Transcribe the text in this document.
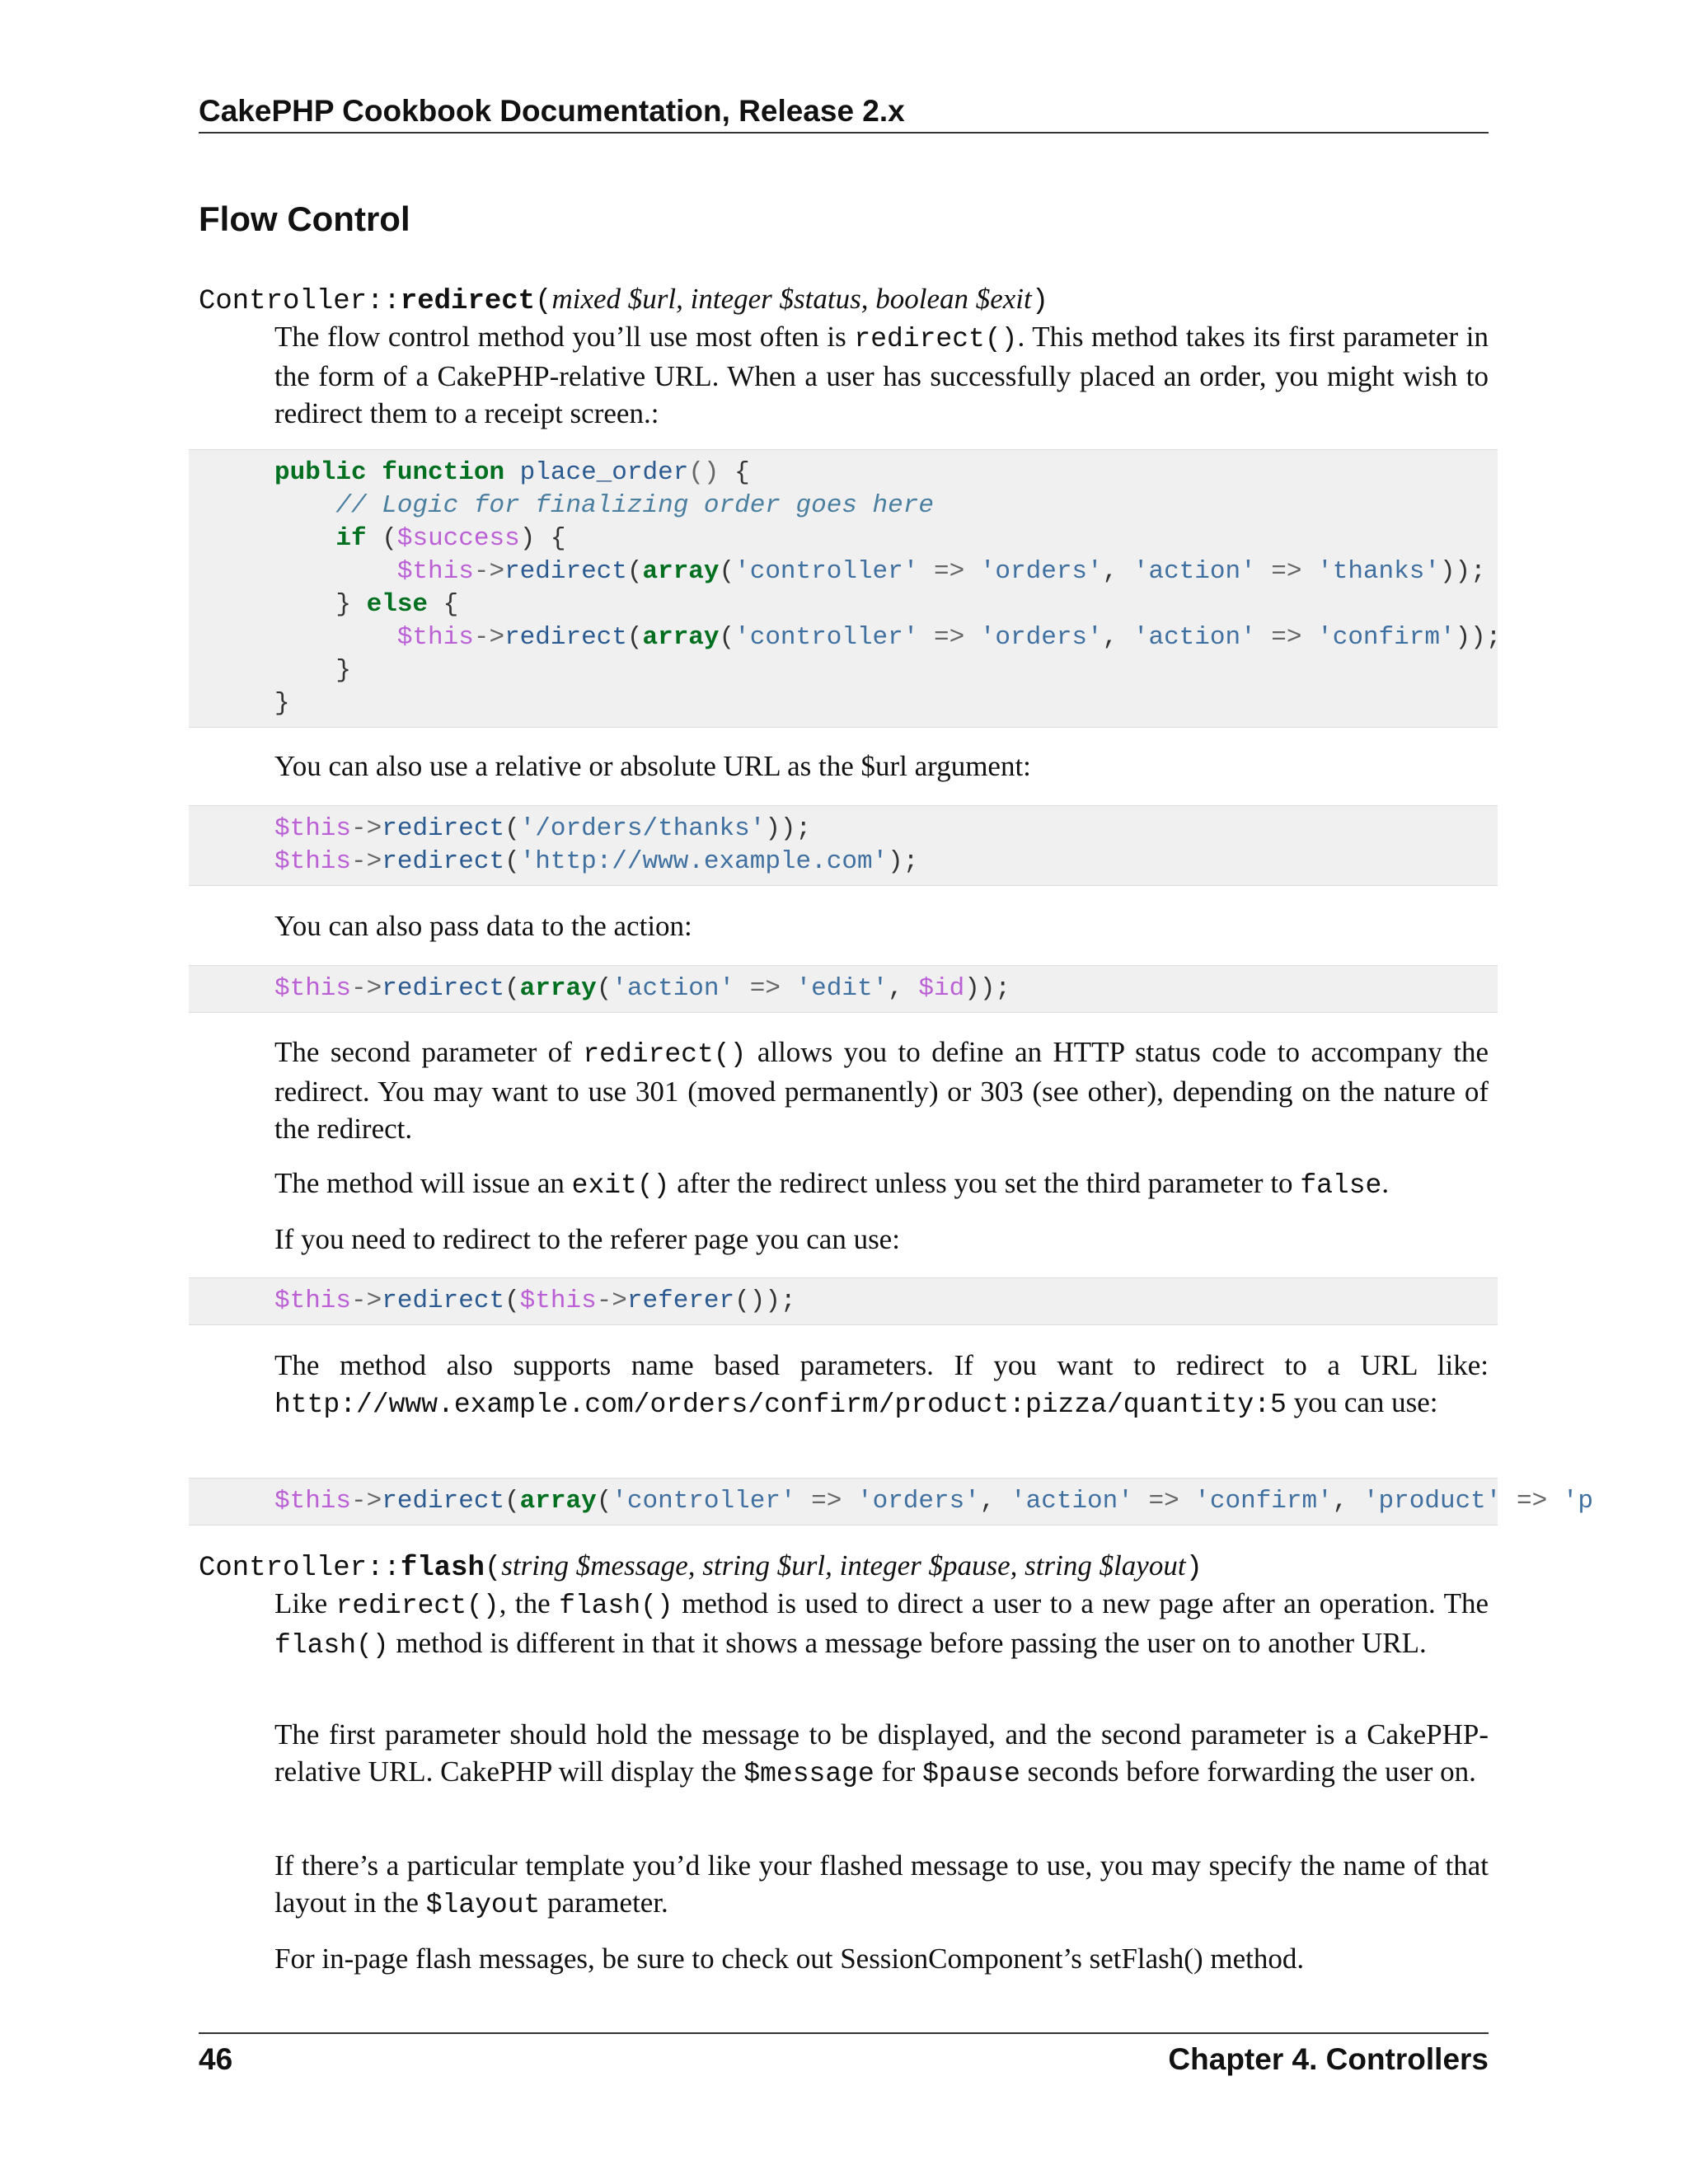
CakePHP Cookbook Documentation, Release 2.x
Flow Control
Controller::redirect(mixed $url, integer $status, boolean $exit)
The flow control method you’ll use most often is redirect(). This method takes its first parameter in the form of a CakePHP-relative URL. When a user has successfully placed an order, you might wish to redirect them to a receipt screen.:
public function place_order() {
// Logic for finalizing order goes here
if ($success) {
$this->redirect(array('controller' => 'orders', 'action' => 'thanks'));
} else {
$this->redirect(array('controller' => 'orders', 'action' => 'confirm'));
}
}
You can also use a relative or absolute URL as the $url argument:
$this->redirect('/orders/thanks'));
$this->redirect('http://www.example.com');
You can also pass data to the action:
$this->redirect(array('action' => 'edit', $id));
The second parameter of redirect() allows you to define an HTTP status code to accompany the redirect. You may want to use 301 (moved permanently) or 303 (see other), depending on the nature of the redirect.
The method will issue an exit() after the redirect unless you set the third parameter to false.
If you need to redirect to the referer page you can use:
$this->redirect($this->referer());
The method also supports name based parameters. If you want to redirect to a URL like: http://www.example.com/orders/confirm/product:pizza/quantity:5 you can use:
$this->redirect(array('controller' => 'orders', 'action' => 'confirm', 'product' => 'p
Controller::flash(string $message, string $url, integer $pause, string $layout)
Like redirect(), the flash() method is used to direct a user to a new page after an operation. The flash() method is different in that it shows a message before passing the user on to another URL.
The first parameter should hold the message to be displayed, and the second parameter is a CakePHP-relative URL. CakePHP will display the $message for $pause seconds before forwarding the user on.
If there’s a particular template you’d like your flashed message to use, you may specify the name of that layout in the $layout parameter.
For in-page flash messages, be sure to check out SessionComponent’s setFlash() method.
46	Chapter 4. Controllers
